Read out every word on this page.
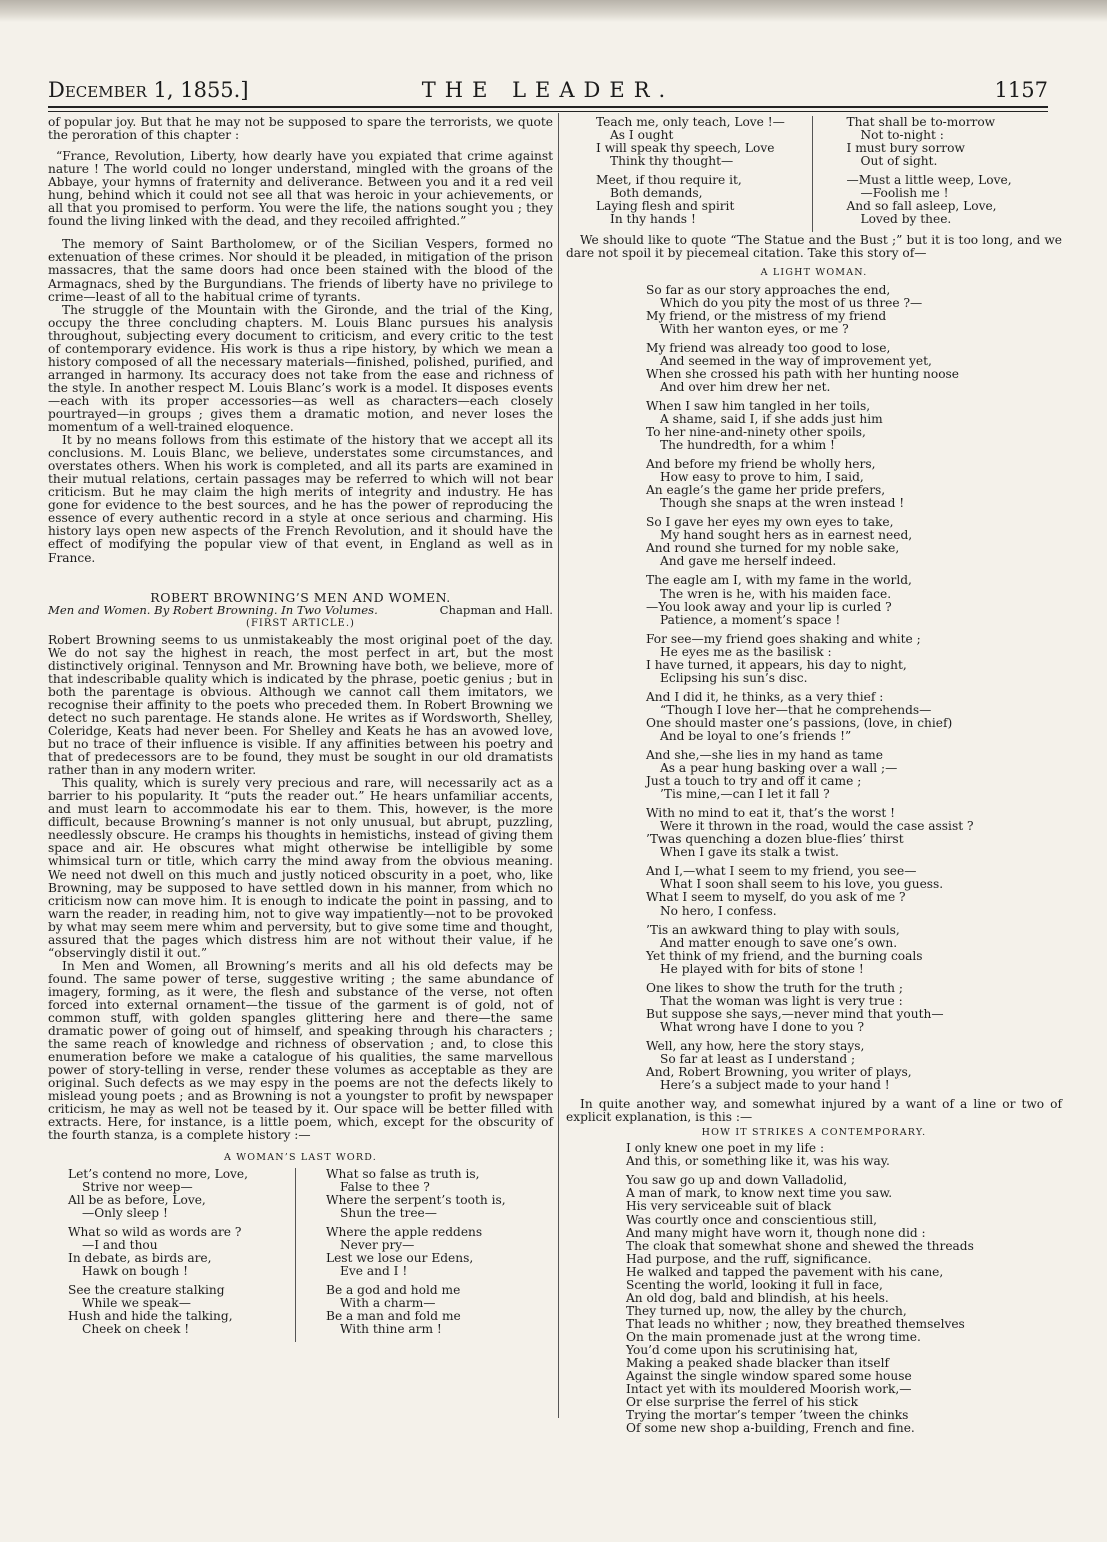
December 1, 1855.]	THE LEADER.	1157

of popular joy. But that he may not be supposed to spare the terrorists, we quote the peroration of this chapter :

“France, Revolution, Liberty, how dearly have you expiated that crime against nature ! The world could no longer understand, mingled with the groans of the Abbaye, your hymns of fraternity and deliverance. Between you and it a red veil hung, behind which it could not see all that was heroic in your achievements, or all that you promised to perform. You were the life, the nations sought you ; they found the living linked with the dead, and they recoiled affrighted.”

The memory of Saint Bartholomew, or of the Sicilian Vespers, formed no extenuation of these crimes. Nor should it be pleaded, in mitigation of the prison massacres, that the same doors had once been stained with the blood of the Armagnacs, shed by the Burgundians. The friends of liberty have no privilege to crime—least of all to the habitual crime of tyrants.

The struggle of the Mountain with the Gironde, and the trial of the King, occupy the three concluding chapters. M. Louis Blanc pursues his analysis throughout, subjecting every document to criticism, and every critic to the test of contemporary evidence. His work is thus a ripe history, by which we mean a history composed of all the necessary materials—finished, polished, purified, and arranged in harmony. Its accuracy does not take from the ease and richness of the style. In another respect M. Louis Blanc’s work is a model. It disposes events—each with its proper accessories—as well as characters—each closely pourtrayed—in groups ; gives them a dramatic motion, and never loses the momentum of a well-trained eloquence.

It by no means follows from this estimate of the history that we accept all its conclusions. M. Louis Blanc, we believe, understates some circumstances, and overstates others. When his work is completed, and all its parts are examined in their mutual relations, certain passages may be referred to which will not bear criticism. But he may claim the high merits of integrity and industry. He has gone for evidence to the best sources, and he has the power of reproducing the essence of every authentic record in a style at once serious and charming. His history lays open new aspects of the French Revolution, and it should have the effect of modifying the popular view of that event, in England as well as in France.

ROBERT BROWNING’S MEN AND WOMEN.
Men and Women. By Robert Browning. In Two Volumes.	Chapman and Hall.
(FIRST ARTICLE.)

Robert Browning seems to us unmistakeably the most original poet of the day. We do not say the highest in reach, the most perfect in art, but the most distinctively original. Tennyson and Mr. Browning have both, we believe, more of that indescribable quality which is indicated by the phrase, poetic genius ; but in both the parentage is obvious. Although we cannot call them imitators, we recognise their affinity to the poets who preceded them. In Robert Browning we detect no such parentage. He stands alone. He writes as if Wordsworth, Shelley, Coleridge, Keats had never been. For Shelley and Keats he has an avowed love, but no trace of their influence is visible. If any affinities between his poetry and that of predecessors are to be found, they must be sought in our old dramatists rather than in any modern writer.

This quality, which is surely very precious and rare, will necessarily act as a barrier to his popularity. It “puts the reader out.” He hears unfamiliar accents, and must learn to accommodate his ear to them. This, however, is the more difficult, because Browning’s manner is not only unusual, but abrupt, puzzling, needlessly obscure. He cramps his thoughts in hemistichs, instead of giving them space and air. He obscures what might otherwise be intelligible by some whimsical turn or title, which carry the mind away from the obvious meaning. We need not dwell on this much and justly noticed obscurity in a poet, who, like Browning, may be supposed to have settled down in his manner, from which no criticism now can move him. It is enough to indicate the point in passing, and to warn the reader, in reading him, not to give way impatiently—not to be provoked by what may seem mere whim and perversity, but to give some time and thought, assured that the pages which distress him are not without their value, if he “observingly distil it out.”

In Men and Women, all Browning’s merits and all his old defects may be found. The same power of terse, suggestive writing ; the same abundance of imagery, forming, as it were, the flesh and substance of the verse, not often forced into external ornament—the tissue of the garment is of gold, not of common stuff, with golden spangles glittering here and there—the same dramatic power of going out of himself, and speaking through his characters ; the same reach of knowledge and richness of observation ; and, to close this enumeration before we make a catalogue of his qualities, the same marvellous power of story-telling in verse, render these volumes as acceptable as they are original. Such defects as we may espy in the poems are not the defects likely to mislead young poets ; and as Browning is not a youngster to profit by newspaper criticism, he may as well not be teased by it. Our space will be better filled with extracts. Here, for instance, is a little poem, which, except for the obscurity of the fourth stanza, is a complete history :—

A WOMAN’S LAST WORD.
Let’s contend no more, Love,
Strive nor weep—
All be as before, Love,
—Only sleep !
What so wild as words are ?
—I and thou
In debate, as birds are,
Hawk on bough !
See the creature stalking
While we speak—
Hush and hide the talking,
Cheek on cheek !
What so false as truth is,
False to thee ?
Where the serpent’s tooth is,
Shun the tree—
Where the apple reddens
Never pry—
Lest we lose our Edens,
Eve and I !
Be a god and hold me
With a charm—
Be a man and fold me
With thine arm !
Teach me, only teach, Love !—
As I ought
I will speak thy speech, Love
Think thy thought—
Meet, if thou require it,
Both demands,
Laying flesh and spirit
In thy hands !
That shall be to-morrow
Not to-night :
I must bury sorrow
Out of sight.
—Must a little weep, Love,
—Foolish me !
And so fall asleep, Love,
Loved by thee.

We should like to quote “The Statue and the Bust ;” but it is too long, and we dare not spoil it by piecemeal citation. Take this story of—

A LIGHT WOMAN.
So far as our story approaches the end,
Which do you pity the most of us three ?—
My friend, or the mistress of my friend
With her wanton eyes, or me ?
My friend was already too good to lose,
And seemed in the way of improvement yet,
When she crossed his path with her hunting noose
And over him drew her net.
When I saw him tangled in her toils,
A shame, said I, if she adds just him
To her nine-and-ninety other spoils,
The hundredth, for a whim !
And before my friend be wholly hers,
How easy to prove to him, I said,
An eagle’s the game her pride prefers,
Though she snaps at the wren instead !
So I gave her eyes my own eyes to take,
My hand sought hers as in earnest need,
And round she turned for my noble sake,
And gave me herself indeed.
The eagle am I, with my fame in the world,
The wren is he, with his maiden face.
—You look away and your lip is curled ?
Patience, a moment’s space !
For see—my friend goes shaking and white ;
He eyes me as the basilisk :
I have turned, it appears, his day to night,
Eclipsing his sun’s disc.
And I did it, he thinks, as a very thief :
“Though I love her—that he comprehends—
One should master one’s passions, (love, in chief)
And be loyal to one’s friends !”
And she,—she lies in my hand as tame
As a pear hung basking over a wall ;—
Just a touch to try and off it came ;
’Tis mine,—can I let it fall ?
With no mind to eat it, that’s the worst !
Were it thrown in the road, would the case assist ?
’Twas quenching a dozen blue-flies’ thirst
When I gave its stalk a twist.
And I,—what I seem to my friend, you see—
What I soon shall seem to his love, you guess.
What I seem to myself, do you ask of me ?
No hero, I confess.
’Tis an awkward thing to play with souls,
And matter enough to save one’s own.
Yet think of my friend, and the burning coals
He played with for bits of stone !
One likes to show the truth for the truth ;
That the woman was light is very true :
But suppose she says,—never mind that youth—
What wrong have I done to you ?
Well, any how, here the story stays,
So far at least as I understand ;
And, Robert Browning, you writer of plays,
Here’s a subject made to your hand !

In quite another way, and somewhat injured by a want of a line or two of explicit explanation, is this :—

HOW IT STRIKES A CONTEMPORARY.
I only knew one poet in my life :
And this, or something like it, was his way.
You saw go up and down Valladolid,
A man of mark, to know next time you saw.
His very serviceable suit of black
Was courtly once and conscientious still,
And many might have worn it, though none did :
The cloak that somewhat shone and shewed the threads
Had purpose, and the ruff, significance.
He walked and tapped the pavement with his cane,
Scenting the world, looking it full in face,
An old dog, bald and blindish, at his heels.
They turned up, now, the alley by the church,
That leads no whither ; now, they breathed themselves
On the main promenade just at the wrong time.
You’d come upon his scrutinising hat,
Making a peaked shade blacker than itself
Against the single window spared some house
Intact yet with its mouldered Moorish work,—
Or else surprise the ferrel of his stick
Trying the mortar’s temper ’tween the chinks
Of some new shop a-building, French and fine.
